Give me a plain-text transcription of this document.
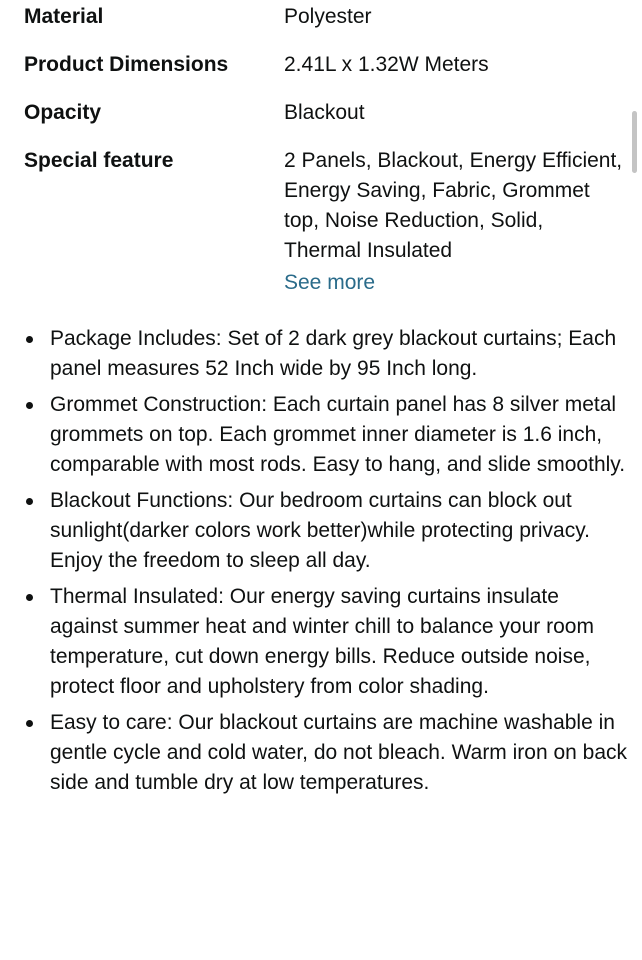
Material	Polyester
Product Dimensions	2.41L x 1.32W Meters
Opacity	Blackout
Special feature	2 Panels, Blackout, Energy Efficient, Energy Saving, Fabric, Grommet top, Noise Reduction, Solid, Thermal Insulated
See more
Package Includes: Set of 2 dark grey blackout curtains; Each panel measures 52 Inch wide by 95 Inch long.
Grommet Construction: Each curtain panel has 8 silver metal grommets on top. Each grommet inner diameter is 1.6 inch, comparable with most rods. Easy to hang, and slide smoothly.
Blackout Functions: Our bedroom curtains can block out sunlight(darker colors work better)while protecting privacy. Enjoy the freedom to sleep all day.
Thermal Insulated: Our energy saving curtains insulate against summer heat and winter chill to balance your room temperature, cut down energy bills. Reduce outside noise, protect floor and upholstery from color shading.
Easy to care: Our blackout curtains are machine washable in gentle cycle and cold water, do not bleach. Warm iron on back side and tumble dry at low temperatures.
